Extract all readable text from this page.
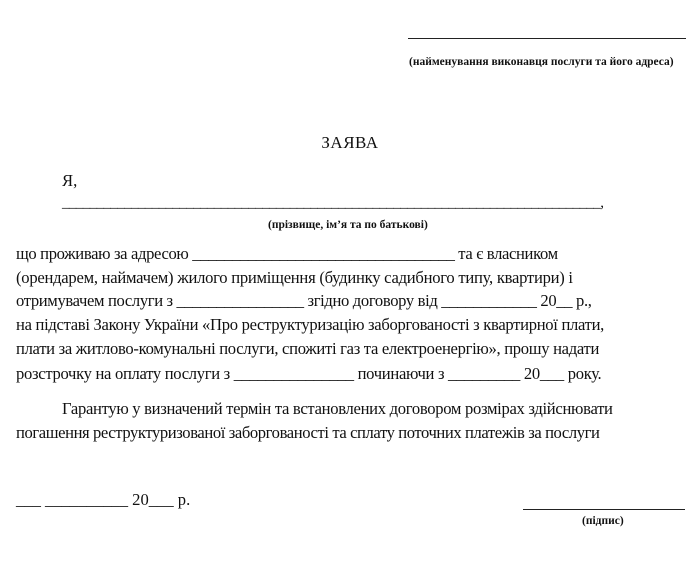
(найменування виконавця послуги та його адреса)
ЗАЯВА
Я,
______________________________________________________________________________,
(прізвище, ім’я та по батькові)
що проживаю за адресою _________________________________ та є власником
(орендарем, наймачем) жилого приміщення (будинку садибного типу, квартири) і
отримувачем послуги з ________________ згідно договору від ____________ 20__ р.,
на підставі Закону України «Про реструктуризацію заборгованості з квартирної плати,
плати за житлово-комунальні послуги, спожиті газ та електроенергію», прошу надати
розстрочку на оплату послуги з _______________ починаючи з _________ 20___ року.
Гарантую у визначений термін та встановлених договором розмірах здійснювати
погашення реструктуризованої заборгованості та сплату поточних платежів за послуги
___ __________ 20___ р.
(підпис)
